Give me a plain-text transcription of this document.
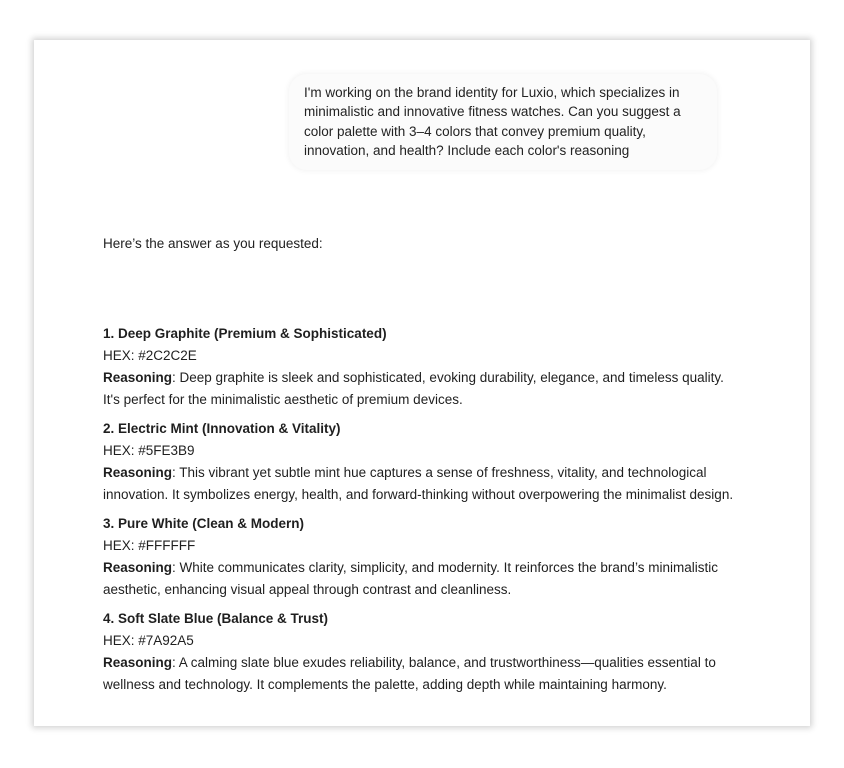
I'm working on the brand identity for Luxio, which specializes in minimalistic and innovative fitness watches. Can you suggest a color palette with 3–4 colors that convey premium quality, innovation, and health? Include each color's reasoning
Here’s the answer as you requested:
1. Deep Graphite (Premium & Sophisticated)
HEX: #2C2C2E
Reasoning: Deep graphite is sleek and sophisticated, evoking durability, elegance, and timeless quality. It's perfect for the minimalistic aesthetic of premium devices.
2. Electric Mint (Innovation & Vitality)
HEX: #5FE3B9
Reasoning: This vibrant yet subtle mint hue captures a sense of freshness, vitality, and technological innovation. It symbolizes energy, health, and forward-thinking without overpowering the minimalist design.
3. Pure White (Clean & Modern)
HEX: #FFFFFF
Reasoning: White communicates clarity, simplicity, and modernity. It reinforces the brand’s minimalistic aesthetic, enhancing visual appeal through contrast and cleanliness.
4. Soft Slate Blue (Balance & Trust)
HEX: #7A92A5
Reasoning: A calming slate blue exudes reliability, balance, and trustworthiness—qualities essential to wellness and technology. It complements the palette, adding depth while maintaining harmony.
